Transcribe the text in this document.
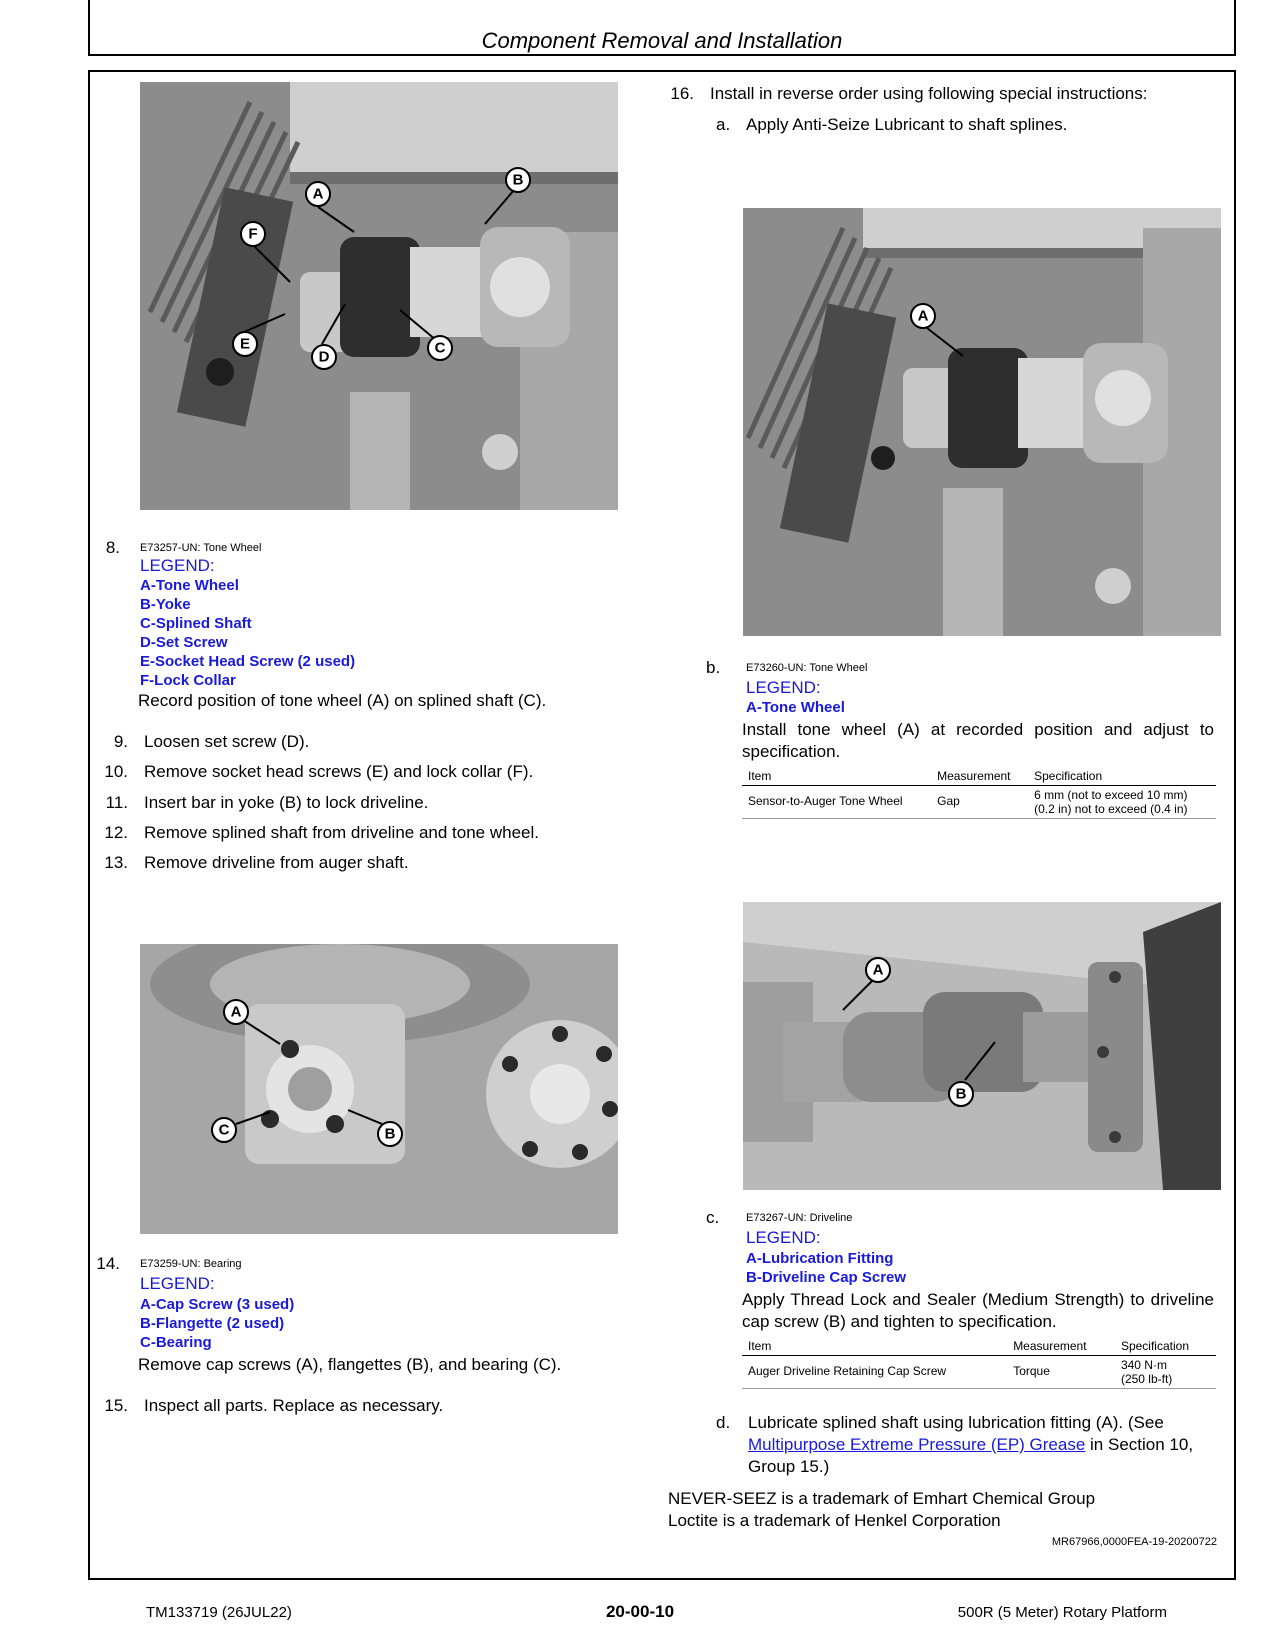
Component Removal and Installation
A
B
C
D
E
F
8. E73257-UN: Tone Wheel
LEGEND:
A-Tone Wheel
B-Yoke
C-Splined Shaft
D-Set Screw
E-Socket Head Screw (2 used)
F-Lock Collar
Record position of tone wheel (A) on splined shaft (C).
9. Loosen set screw (D).
10. Remove socket head screws (E) and lock collar (F).
11. Insert bar in yoke (B) to lock driveline.
12. Remove splined shaft from driveline and tone wheel.
13. Remove driveline from auger shaft.
A
B
C
14. E73259-UN: Bearing
LEGEND:
A-Cap Screw (3 used)
B-Flangette (2 used)
C-Bearing
Remove cap screws (A), flangettes (B), and bearing (C).
15. Inspect all parts. Replace as necessary.
16. Install in reverse order using following special instructions:
a. Apply Anti-Seize Lubricant to shaft splines.
A
b. E73260-UN: Tone Wheel
LEGEND:
A-Tone Wheel
Install tone wheel (A) at recorded position and adjust to specification.
Item	Measurement	Specification
Sensor-to-Auger Tone Wheel	Gap	6 mm (not to exceed 10 mm)
(0.2 in) not to exceed (0.4 in)
A
B
c. E73267-UN: Driveline
LEGEND:
A-Lubrication Fitting
B-Driveline Cap Screw
Apply Thread Lock and Sealer (Medium Strength) to driveline cap screw (B) and tighten to specification.
Item	Measurement	Specification
Auger Driveline Retaining Cap Screw	Torque	340 N·m
(250 lb-ft)
d. Lubricate splined shaft using lubrication fitting (A). (See Multipurpose Extreme Pressure (EP) Grease in Section 10, Group 15.)
NEVER-SEEZ is a trademark of Emhart Chemical Group
Loctite is a trademark of Henkel Corporation
MR67966,0000FEA-19-20200722
TM133719 (26JUL22)	20-00-10	500R (5 Meter) Rotary Platform
